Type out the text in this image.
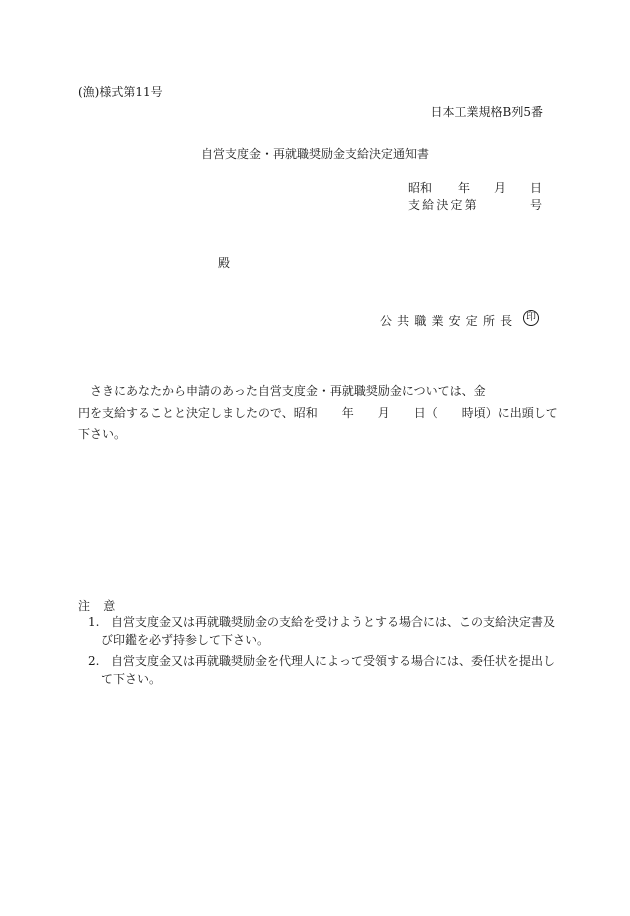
(漁)様式第11号
日本工業規格B列5番
自営支度金・再就職奨励金支給決定通知書
昭和 年 月 日
支給決定第	号
殿
公共職業安定所長 印
さきにあなたから申請のあった自営支度金・再就職奨励金については、金
円を支給することと決定しましたので、昭和　　年　　月　　日（　　時頃）に出頭して
下さい。
注意
1. 自営支度金又は再就職奨励金の支給を受けようとする場合には、この支給決定書及
び印鑑を必ず持参して下さい。
2. 自営支度金又は再就職奨励金を代理人によって受領する場合には、委任状を提出し
て下さい。
